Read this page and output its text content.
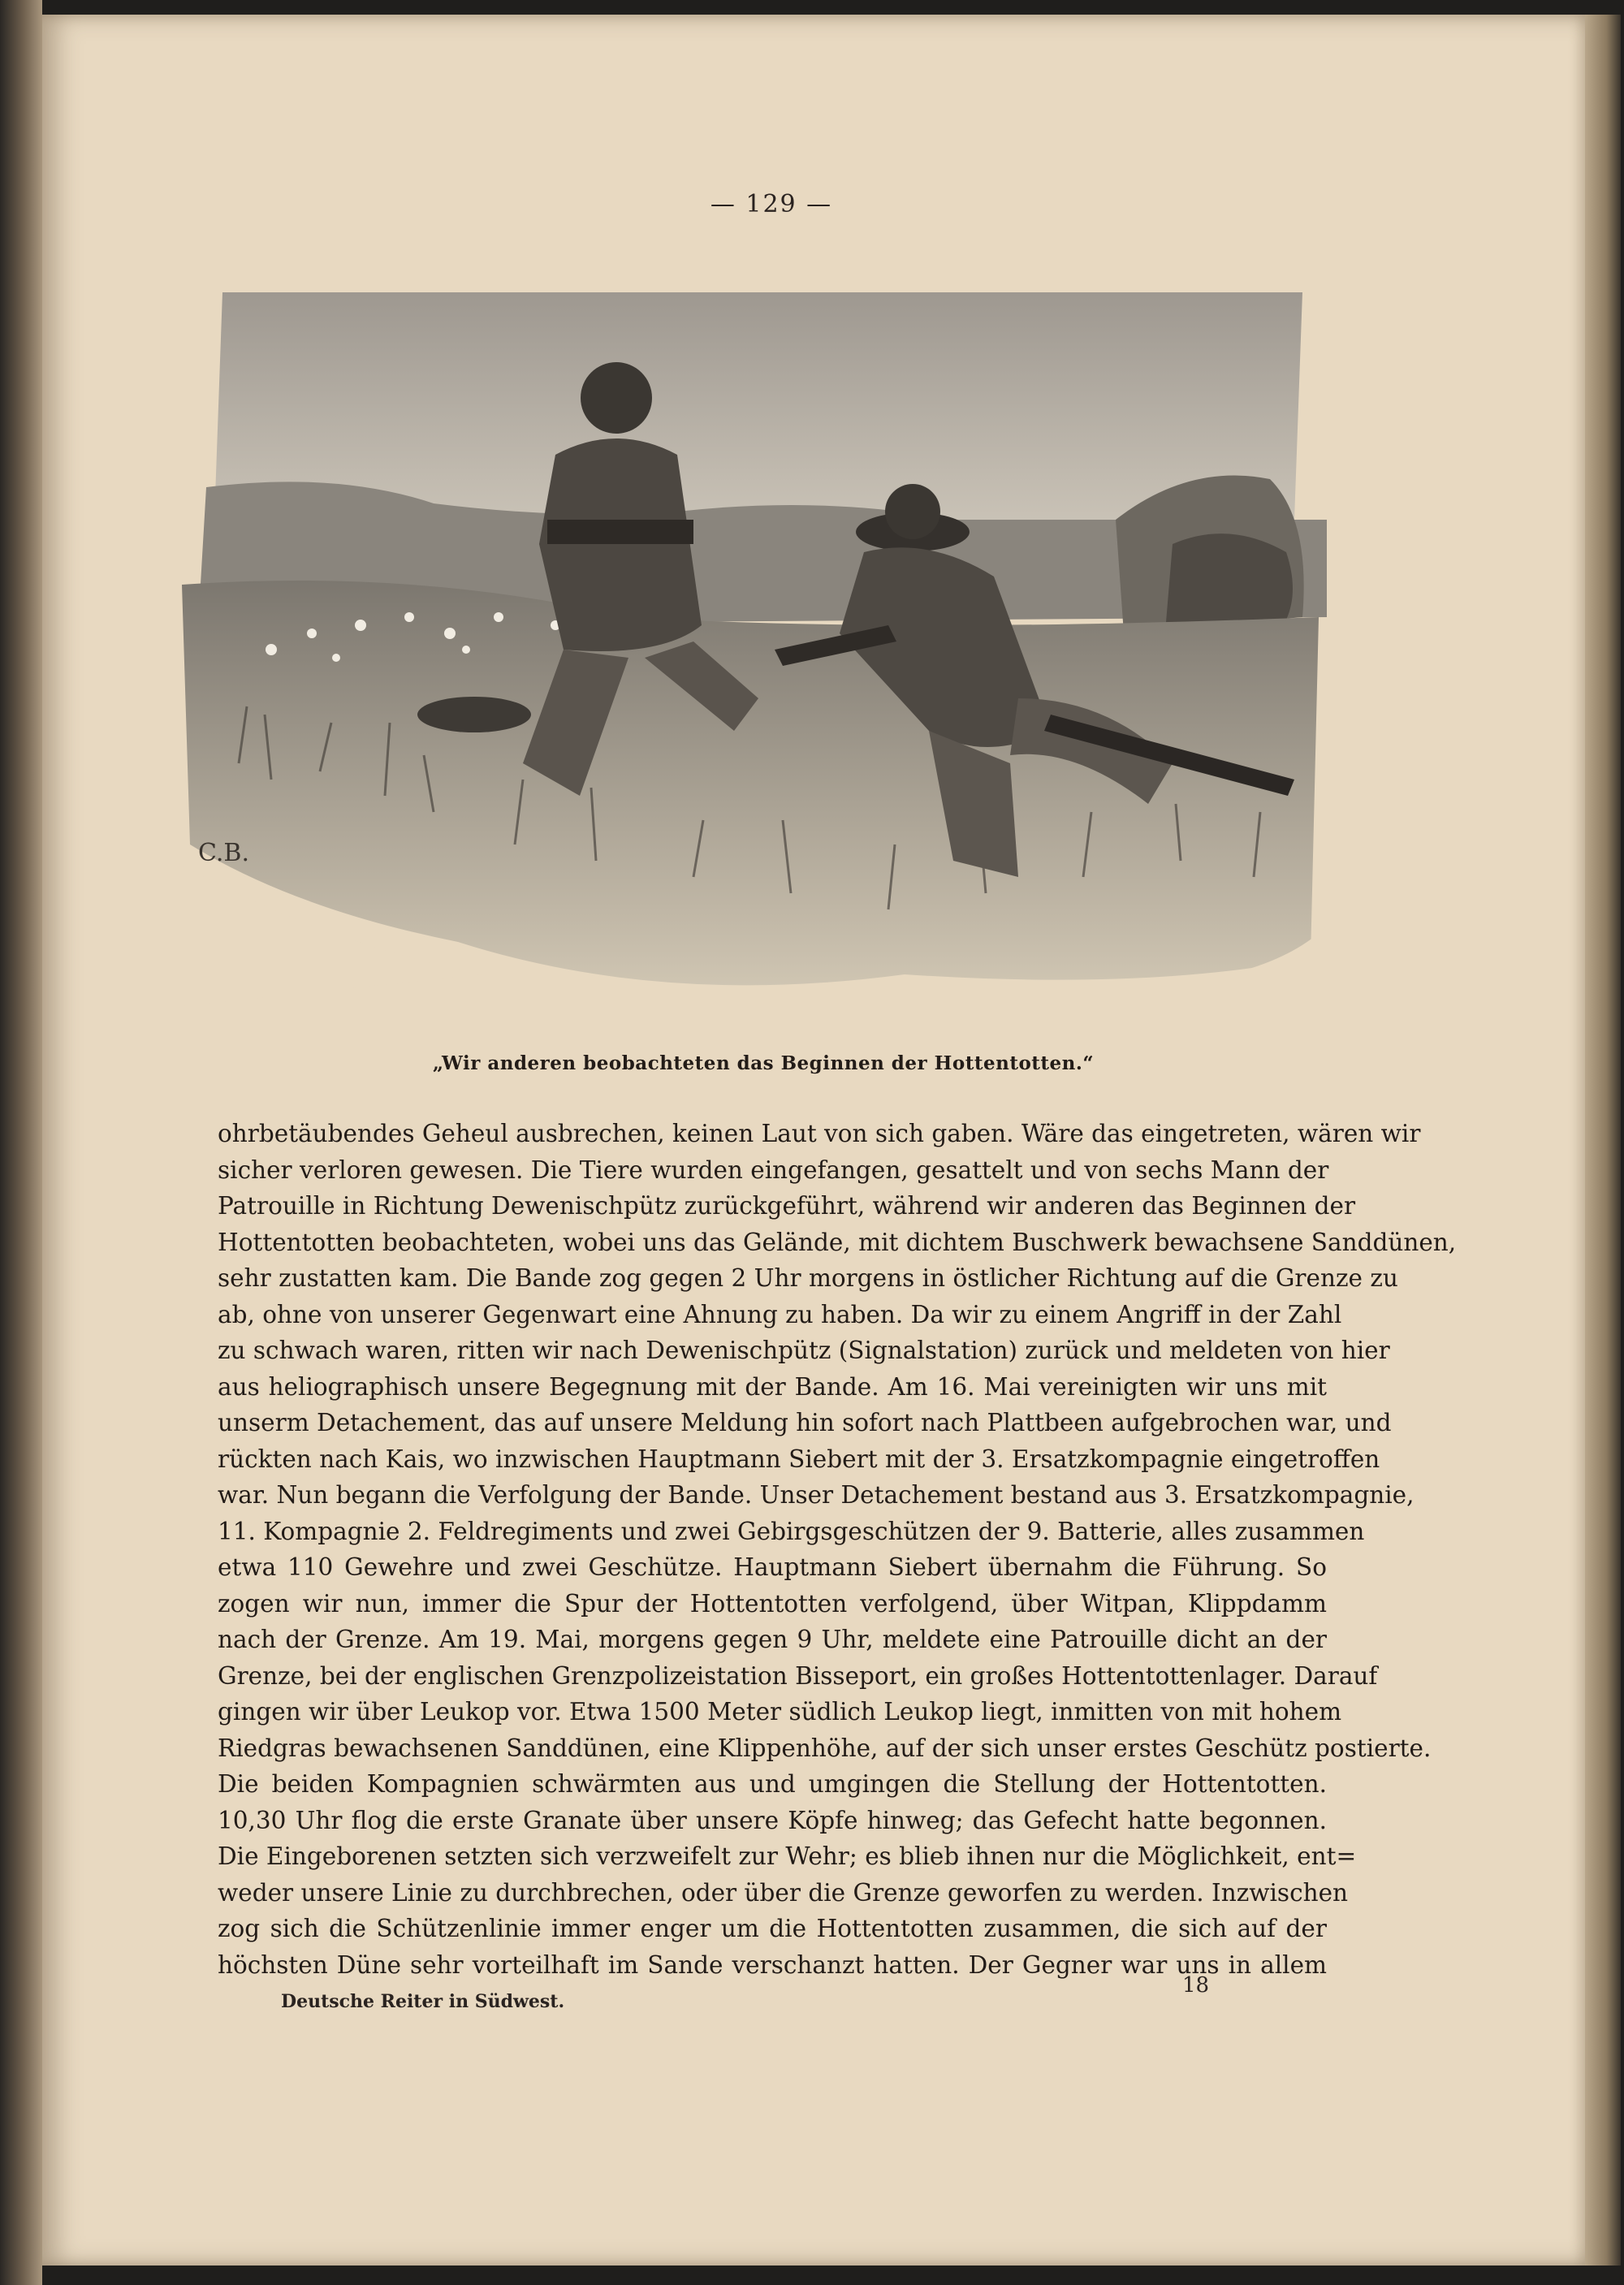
— 129 —
C.B.
„Wir anderen beobachteten das Beginnen der Hottentotten.“
ohrbetäubendes Geheul ausbrechen, keinen Laut von sich gaben. Wäre das eingetreten, wären wir
sicher verloren gewesen. Die Tiere wurden eingefangen, gesattelt und von sechs Mann der
Patrouille in Richtung Dewenischpütz zurückgeführt, während wir anderen das Beginnen der
Hottentotten beobachteten, wobei uns das Gelände, mit dichtem Buschwerk bewachsene Sanddünen,
sehr zustatten kam. Die Bande zog gegen 2 Uhr morgens in östlicher Richtung auf die Grenze zu
ab, ohne von unserer Gegenwart eine Ahnung zu haben. Da wir zu einem Angriff in der Zahl
zu schwach waren, ritten wir nach Dewenischpütz (Signalstation) zurück und meldeten von hier
aus heliographisch unsere Begegnung mit der Bande. Am 16. Mai vereinigten wir uns mit
unserm Detachement, das auf unsere Meldung hin sofort nach Plattbeen aufgebrochen war, und
rückten nach Kais, wo inzwischen Hauptmann Siebert mit der 3. Ersatzkompagnie eingetroffen
war. Nun begann die Verfolgung der Bande. Unser Detachement bestand aus 3. Ersatzkompagnie,
11. Kompagnie 2. Feldregiments und zwei Gebirgsgeschützen der 9. Batterie, alles zusammen
etwa 110 Gewehre und zwei Geschütze. Hauptmann Siebert übernahm die Führung. So
zogen wir nun, immer die Spur der Hottentotten verfolgend, über Witpan, Klippdamm
nach der Grenze. Am 19. Mai, morgens gegen 9 Uhr, meldete eine Patrouille dicht an der
Grenze, bei der englischen Grenzpolizeistation Bisseport, ein großes Hottentottenlager. Darauf
gingen wir über Leukop vor. Etwa 1500 Meter südlich Leukop liegt, inmitten von mit hohem
Riedgras bewachsenen Sanddünen, eine Klippenhöhe, auf der sich unser erstes Geschütz postierte.
Die beiden Kompagnien schwärmten aus und umgingen die Stellung der Hottentotten.
10,30 Uhr flog die erste Granate über unsere Köpfe hinweg; das Gefecht hatte begonnen.
Die Eingeborenen setzten sich verzweifelt zur Wehr; es blieb ihnen nur die Möglichkeit, ent=
weder unsere Linie zu durchbrechen, oder über die Grenze geworfen zu werden. Inzwischen
zog sich die Schützenlinie immer enger um die Hottentotten zusammen, die sich auf der
höchsten Düne sehr vorteilhaft im Sande verschanzt hatten. Der Gegner war uns in allem
Deutsche Reiter in Südwest.
18
